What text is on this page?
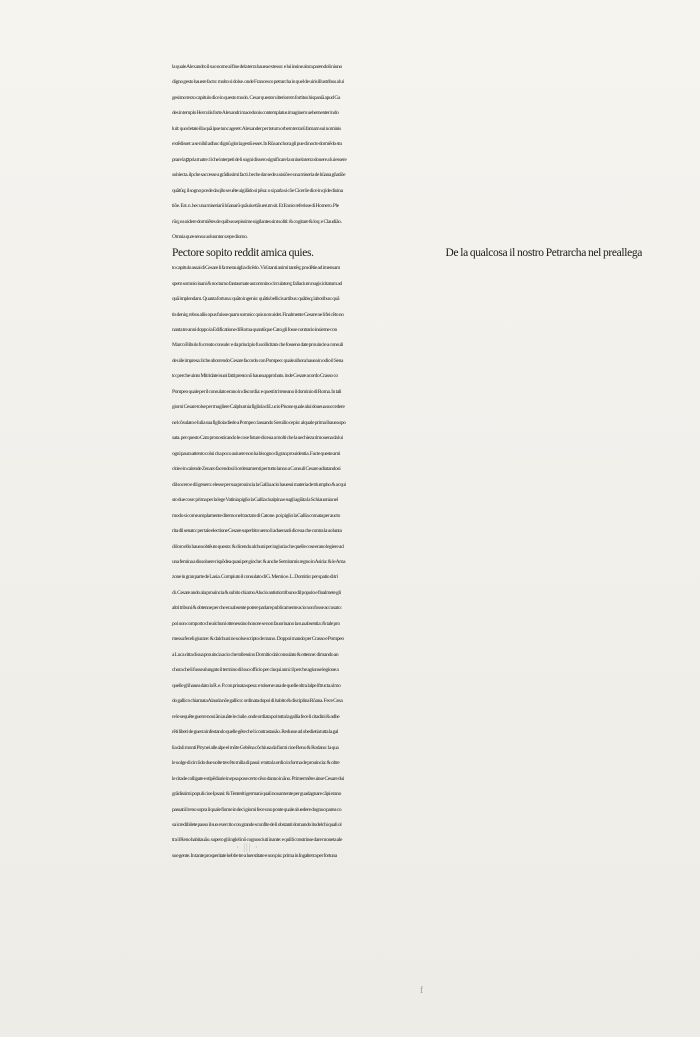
la quale Alexandro il suo nome al fine dela terra hauea extesso: e lui insine alora parendoli niuno
digno gesto hauere facto: molto si dolse. onde Francesco petrarcha in quel de uiris illustribus al ui
gesimo terzo capitulo dice in questo modo. Cesar questor ulteriorem fortitus hispaniã apud Ga
des in templo Herculis forte Alexandri macedonis contemplatus imaginem uehementer indo
luit: quod etate illa quã ipse tunc ageret: Alexander per totum orbem terrarũ famam sui nominis
extẽdisset: a se nihil adhuc dignũ gloria gestũ esset. In Rõa anchora gli pue di nocte dormẽdo stu
prare la ꝑpria matre: il che interpeti de li sogni dissero significare la uniuela terra douere a lui essere
subiecta. ilpche saccesse a grãdissimi facti. beche dar sede a uisiõe e una miseria de hũana gñatiõe
quãtũq; il sogno pcede da qllo se uẽte uigilãdo si pẽsa: o si parla si cõe Cicerõe dice in ql de diuina
tiõe. Est. n. hec una miseriarũ hũanarũ quãuis etiã uerum sit. Et Ennio referisse di Homero. Ple
rũq; ea uidere dormiẽtes de quibus sepissime uigilantes sint soliti: & cogitare & loq: e Claudião.
Omnia quæ sensu uoluuntur sæpe diurno.
Pectore sopito reddit amica quies.	De la qualcosa il nostro Petrarcha nel preallega
to capitulo assai di Cesare li fa merauiglia dicẽdo. Virũ tanti animi tantẽq; prudẽtie ad imensam
spem somnio inani & nocturno fantasmate aut omnino circulatorq; fallacium nugis icitatum ad
quã implendam. Quanta fortuna: quãto ingenio: quãtis bellicis artibus: quãtisq; laboribus: quã
tis deniq; rebus aliis opus fuisse quam somnio: quis non uidet. Finalmente Cesare ne li fei cẽto no
nanta tre anni doppo la Edificatione di Roma quantũque Cato gli fosse contrario insieme con
Marco Bibulo fu creato consule: e da principio fu sollicitato che fosseno date prouincie a consuli
de uile impresa: ilche aborrendo Cesare facordo con Pompeo: quale alhora hauea in odio il Sena
to: perche uinto Mitridate isuoi fatti presto nõ hauea approbato. inde Cesare acordo Crasso co
Pompeo quale per il consulato erano in discordia: e questi tri teneano il dominio di Roma. In tali
giorni Cesare tolse per mugliere Calphurnia figliola di Lucio Pisone quale alui doueua succedere
nel cõsulato e Iulia sua figliola diede a Pompeo: lassando Seruilio cepio: alquale prima lhauea spo
sata. per questo Cato pronosticando le cose future diceua a molti che la uechieza rimouena da lui
ogni paura attento colui cha poco auiuere non ha bisogno di gran prouidentia. Facte queste ami
citie e in calende Zenaro facendosi li ordenamenti per tutto lanno a Consuli Cesare adiutandosi
dil socero e dil genero: elesse per sua prouincia la Gallia acio hauessi materia de triumpho & acqui
sto due cose: prima per la lege Vatinia piglio la Gallia cisalpina e sugli agiũta la Schiauonia nel
modo si come amplamente diremo nel tractato di Catone. poi piglio la Gallia comata per aucto
rita dil senato: per tale electione Cesare superbito uerso li aduersarii diceua che contra la uolunta
di loro ello hauea obtẽuto questo: & dicendo alchuni per ingiuria che quelle cose erano legiere ad
una femina a dissoluere rispõdea quasi per gioche: & anche Semiramis regno in Asiria: & le Ama
zone in gran parte de Lasia. Compiuto il consulato di G. Memio e. L. Domitio: per spatio di tri
di. Cesare ando ala prouincia & subito chiamo Alucio antistio tribuno dil populo e finalmete gli
altri tribuni & obtenne per che era absente potere parlare publicamente acio non fosse accusato:
poi non comporto che alchuni ottenessino honore se non fauoriuano la sua absentia: & tale pro
messa feceli giurare: & dalchuni ne uolse scripto de mano. Doppoi mando per Crasso e Pompeo
a Luca citta di sua prouincia acio che tollessino Domitio dal consulato & ottenne: dimando an
chora che li fusse alungato il termino dil suo officio per cinqui anni: il perche agiunse legione a
quelle gli hauea dato la R. e. P. con priuata spesa: e tolsene una de quelle oltra lalpe iftructa al mo
do gallico chiamata Alauda nõe gallico: ordinata dopoi di habito & disciplina Rõana. Fece Cesa
re le sequẽte guerre noui ãni auãte le ciuile. onde ordiata poi tutta la gallia fece li citadini & adhe
rẽti liberi de guerra infestando quelle gẽte che li contrastauão. Redusse ad obedietia tutta la gal
lia da li monti Pirynei alle alpe el mõte Gebẽna cõchiusa da fiumi cioe Reno & Rodano: la qua
le uolge di circũdo due uolte trecẽto milia di passi: e tutta la ordio in forma de prouincia: & oltre
le citade colligate e stipẽdiarie in epsa pose certo cẽso danno in ãno. Primermẽte uinse Cesare dui
grãdissimi populi cioe Ipsani: & Tenteriti germani quali nouamente per guadagnare cãpi erano
passati il reno sopra il quale fiume in deci giorni fece uno ponte quale al uedere dognuo parea co
sa icredibilete passo il suo exercito con grande sconfite de li obstanti domando itodelchi quali ol
tra il Reno habitauão. supero gli ingleli nõ cognosciuti inante: e quilli constrinse dare moneta ale
sue gente. In tante prosperitate hebbe tre a luerstitate e non piu: prima in Ingalterra per fortuna
· ||| ·
f
